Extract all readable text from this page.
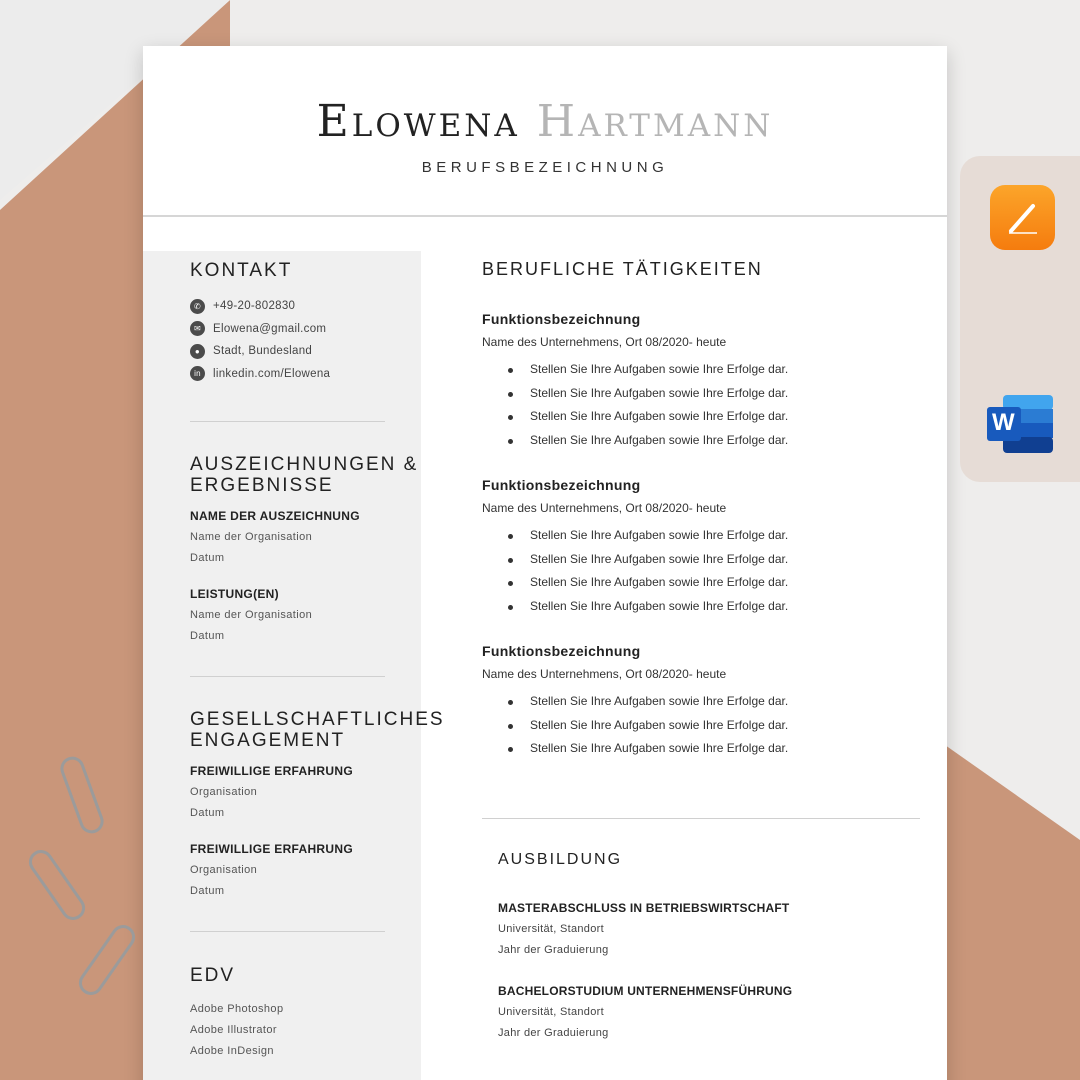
Elowena Hartmann
BERUFSBEZEICHNUNG
KONTAKT
✆	+49-20-802830
✉	Elowena@gmail.com
●	Stadt, Bundesland
in	linkedin.com/Elowena
AUSZEICHNUNGEN &
ERGEBNISSE
NAME DER AUSZEICHNUNG
Name der Organisation
Datum
LEISTUNG(EN)
Name der Organisation
Datum
GESELLSCHAFTLICHES
ENGAGEMENT
FREIWILLIGE ERFAHRUNG
Organisation
Datum
FREIWILLIGE ERFAHRUNG
Organisation
Datum
EDV
Adobe Photoshop
Adobe Illustrator
Adobe InDesign
BERUFLICHE TÄTIGKEITEN
Funktionsbezeichnung
Name des Unternehmens, Ort 08/2020- heute
Stellen Sie Ihre Aufgaben sowie Ihre Erfolge dar.
Stellen Sie Ihre Aufgaben sowie Ihre Erfolge dar.
Stellen Sie Ihre Aufgaben sowie Ihre Erfolge dar.
Stellen Sie Ihre Aufgaben sowie Ihre Erfolge dar.
Funktionsbezeichnung
Name des Unternehmens, Ort 08/2020- heute
Stellen Sie Ihre Aufgaben sowie Ihre Erfolge dar.
Stellen Sie Ihre Aufgaben sowie Ihre Erfolge dar.
Stellen Sie Ihre Aufgaben sowie Ihre Erfolge dar.
Stellen Sie Ihre Aufgaben sowie Ihre Erfolge dar.
Funktionsbezeichnung
Name des Unternehmens, Ort 08/2020- heute
Stellen Sie Ihre Aufgaben sowie Ihre Erfolge dar.
Stellen Sie Ihre Aufgaben sowie Ihre Erfolge dar.
Stellen Sie Ihre Aufgaben sowie Ihre Erfolge dar.
AUSBILDUNG
MASTERABSCHLUSS IN BETRIEBSWIRTSCHAFT
Universität, Standort
Jahr der Graduierung
BACHELORSTUDIUM UNTERNEHMENSFÜHRUNG
Universität, Standort
Jahr der Graduierung
W
